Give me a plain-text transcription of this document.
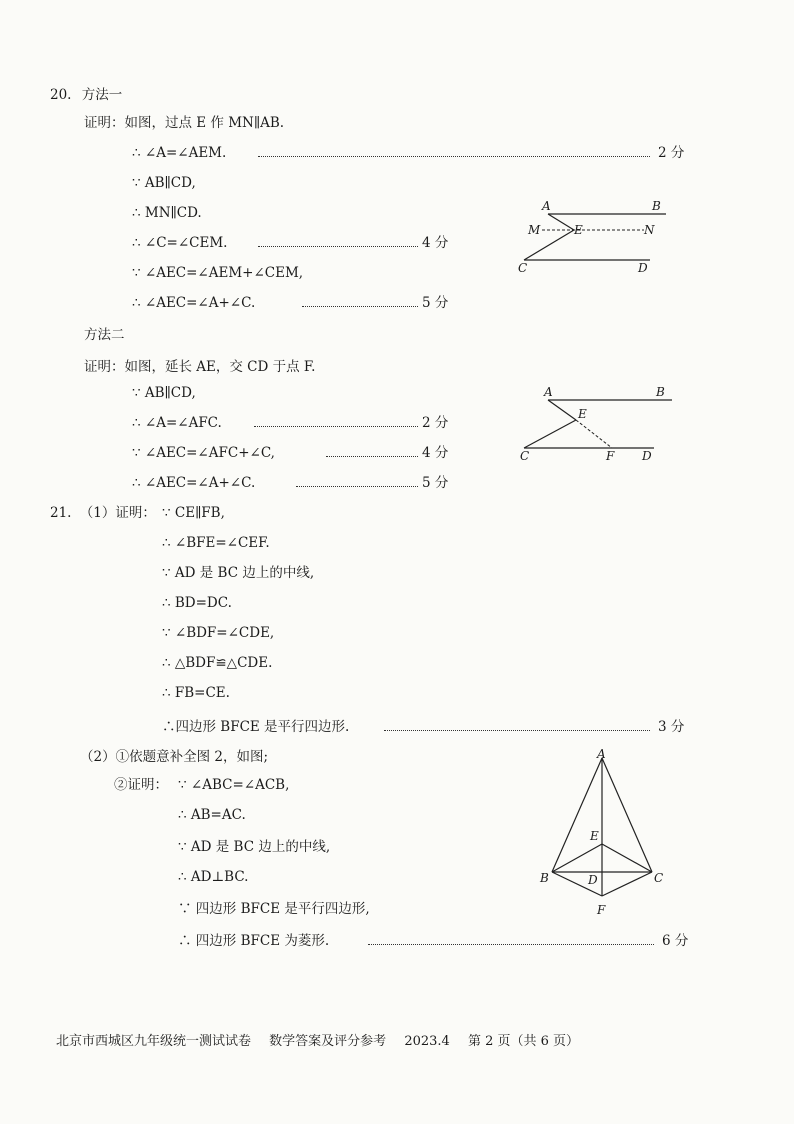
20. 方法一
证明：如图，过点 E 作 MN∥AB.
∴ ∠A=∠AEM.	2 分
∵ AB∥CD,
∴ MN∥CD.
∴ ∠C=∠CEM.	4 分
∵ ∠AEC=∠AEM+∠CEM,
∴ ∠AEC=∠A+∠C.	5 分
A	B
M	E	N
C	D
方法二
证明：如图，延长 AE，交 CD 于点 F.
∵ AB∥CD,
∴ ∠A=∠AFC.	2 分
∵ ∠AEC=∠AFC+∠C,	4 分
∴ ∠AEC=∠A+∠C.	5 分
A	B
E
C	F D
21. （1）证明： ∵ CE∥FB,
∴ ∠BFE=∠CEF.
∵ AD 是 BC 边上的中线,
∴ BD=DC.
∵ ∠BDF=∠CDE,
∴ △BDF≌△CDE.
∴ FB=CE.
∴四边形 BFCE 是平行四边形.	3 分
（2）①依题意补全图 2，如图;
②证明： ∵ ∠ABC=∠ACB,
∴ AB=AC.
∵ AD 是 BC 边上的中线,
∴ AD⊥BC.
∵ 四边形 BFCE 是平行四边形,
∴ 四边形 BFCE 为菱形.	6 分
A
E
B	D	C
F
北京市西城区九年级统一测试试卷 数学答案及评分参考 2023.4 第 2 页（共 6 页）
